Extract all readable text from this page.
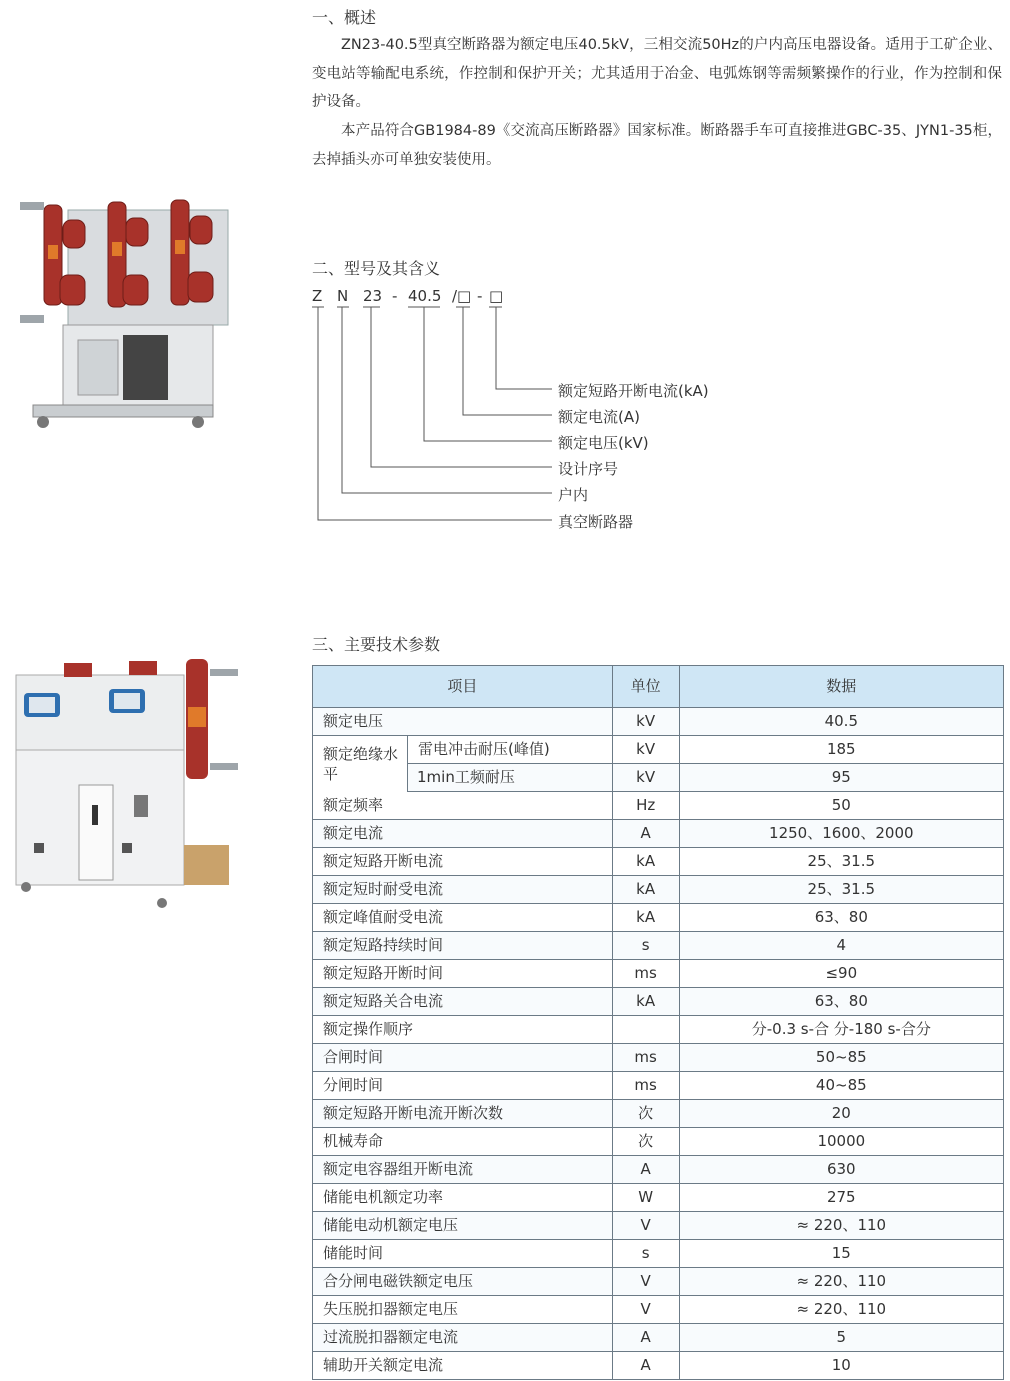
一、概述
ZN23-40.5型真空断路器为额定电压40.5kV，三相交流50Hz的户内高压电器设备。适用于工矿企业、变电站等输配电系统，作控制和保护开关；尤其适用于冶金、电弧炼钢等需频繁操作的行业，作为控制和保护设备。
本产品符合GB1984-89《交流高压断路器》国家标准。断路器手车可直接推进GBC-35、JYN1-35柜，去掉插头亦可单独安装使用。
二、型号及其含义
Z N 23 - 40.5 /□ - □
额定短路开断电流(kA)
额定电流(A)
额定电压(kV)
设计序号
户内
真空断路器
三、主要技术参数
项目	单位	数据
额定电压	kV	40.5

额定绝缘水平
雷电冲击耐压(峰值)	kV	185
1min工频耐压	kV	95
额定频率	Hz	50
额定电流	A	1250、1600、2000
额定短路开断电流	kA	25、31.5
额定短时耐受电流	kA	25、31.5
额定峰值耐受电流	kA	63、80
额定短路持续时间	s	4
额定短路开断时间	ms	≤90
额定短路关合电流	kA	63、80
额定操作顺序		分-0.3 s-合 分-180 s-合分
合闸时间	ms	50~85
分闸时间	ms	40~85
额定短路开断电流开断次数	次	20
机械寿命	次	10000
额定电容器组开断电流	A	630
储能电机额定功率	W	275
储能电动机额定电压	V	≈ 220、110
储能时间	s	15
合分闸电磁铁额定电压	V	≈ 220、110
失压脱扣器额定电压	V	≈ 220、110
过流脱扣器额定电流	A	5
辅助开关额定电流	A	10
